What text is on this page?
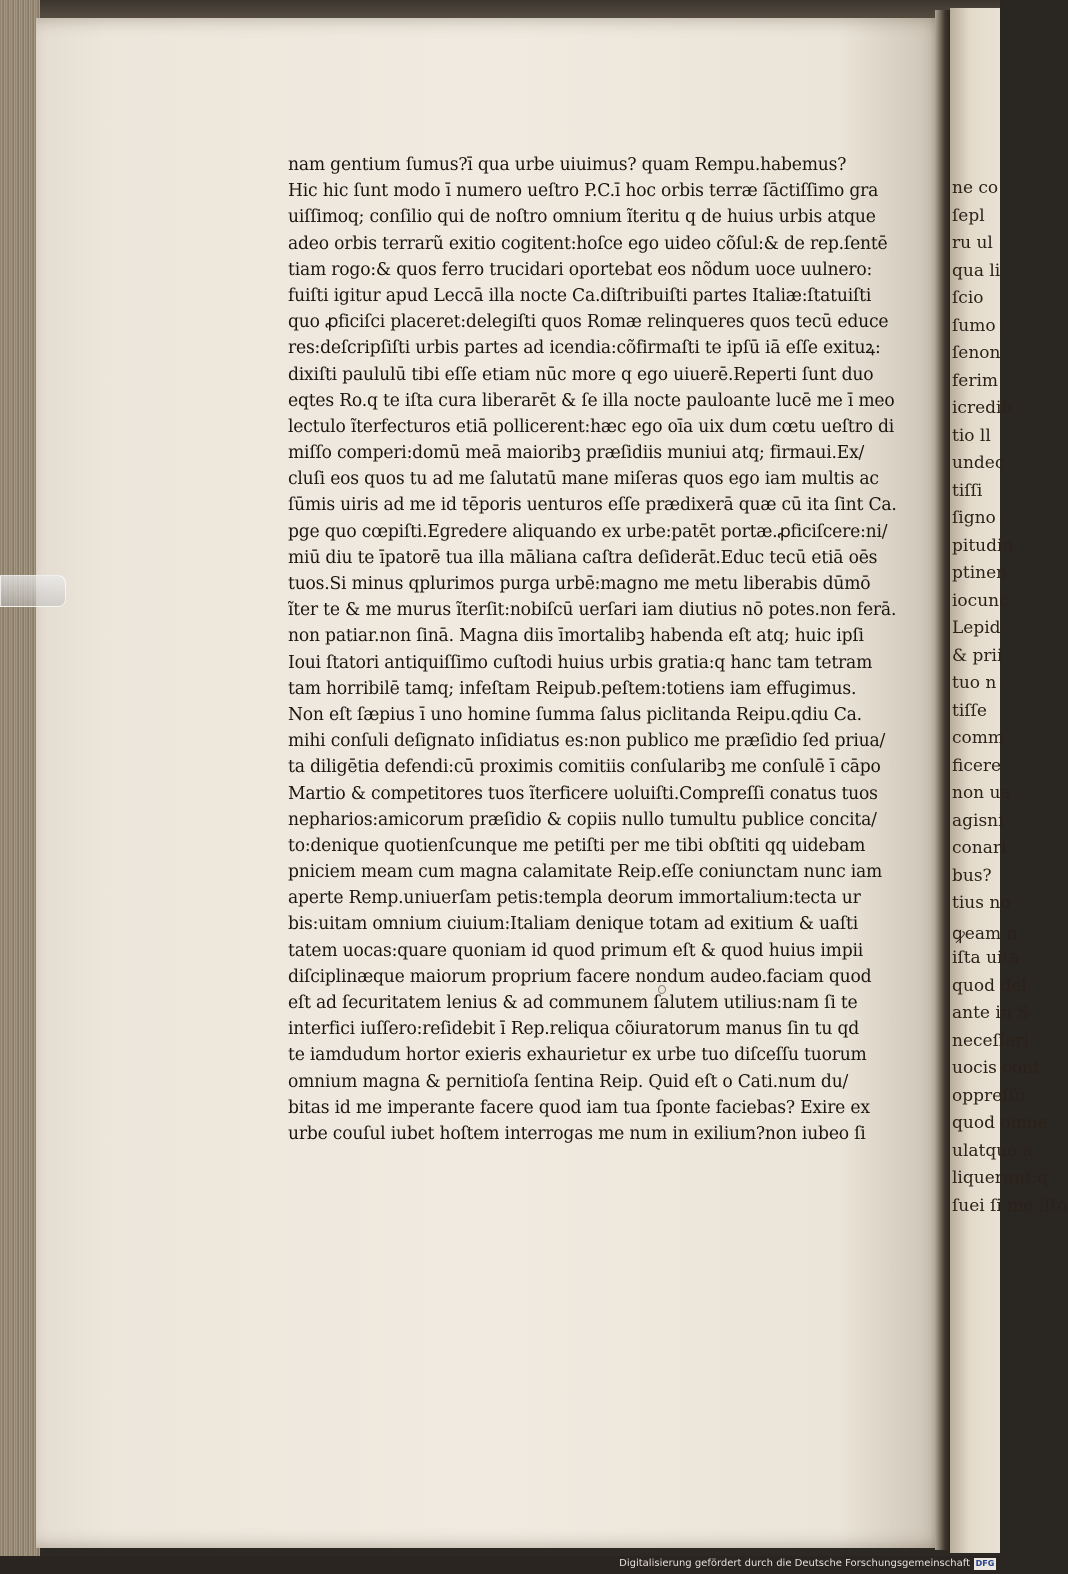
ne co
ſepl
ru ul
qua li
ſcio
ſumo
ſenon
ferim
icredib
tio ll
undec
tiſſi
ſigno
pitudin
ptinen
iocunc
Lepid
& prii
tuo n
tiſſe
comm
ficere
non ua
agisni
conari
bus?
tius no
ꝙeam n
iſta uita
quod del
ante in S
neceſſari
uocis cont
oppreſſu
quod omne
ulatque a
liquerunt:q
ſuei ſi me iſto
nam gentium ſumus?ī qua urbe uiuimus? quam Rempu.habemus?
Hic hic ſunt modo ī numero ueſtro P.C.ī hoc orbis terræ ſāctiſſimo gra
uiſſimoq; conſilio qui de noſtro omnium ĩteritu q de huius urbis atque
adeo orbis terrarũ exitio cogitent:hoſce ego uideo cõſul:& de rep.ſentē
tiam rogo:& quos ferro trucidari oportebat eos nõdum uoce uulnero:
fuiſti igitur apud Leccā illa nocte Ca.diſtribuiſti partes Italiæ:ſtatuiſti
quo ꝓficiſci placeret:delegiſti quos Romæ relinqueres quos tecū educe
res:deſcripſiſti urbis partes ad icendia:cõfirmaſti te ipſū iā eſſe exituꝝ:
dixiſti paululū tibi eſſe etiam nūc more q ego uiuerē.Reperti ſunt duo
eqtes Ro.q te iſta cura liberarēt & ſe illa nocte pauloante lucē me ī meo
lectulo ĩterfecturos etiā pollicerent:hæc ego oīa uix dum cœtu ueſtro di
miſſo comperi:domū meā maioribꝫ præſidiis muniui atq; firmaui.Ex/
cluſi eos quos tu ad me ſalutatū mane miſeras quos ego iam multis ac
ſūmis uiris ad me id tēporis uenturos eſſe prædixerā quæ cū ita ſint Ca.
pge quo cœpiſti.Egredere aliquando ex urbe:patēt portæ.ꝓficiſcere:ni/
miū diu te īpatorē tua illa māliana caſtra deſiderāt.Educ tecū etiā oēs
tuos.Si minus qplurimos purga urbē:magno me metu liberabis dūmō
ĩter te & me murus ĩterſit:nobiſcū uerſari iam diutius nō potes.non ferā.
non patiar.non ſinā. Magna diis īmortalibꝫ habenda eſt atq; huic ipſi
Ioui ſtatori antiquiſſimo cuſtodi huius urbis gratia:q hanc tam tetram
tam horribilē tamq; infeſtam Reipub.peſtem:totiens iam effugimus.
Non eſt ſæpius ī uno homine ſumma ſalus piclitanda Reipu.qdiu Ca.
mihi conſuli deſignato inſidiatus es:non publico me præſidio ſed priua/
ta diligētia defendi:cū proximis comitiis conſularibꝫ me conſulē ī cāpo
Martio & competitores tuos ĩterficere uoluiſti.Compreſſi conatus tuos
nepharios:amicorum præſidio & copiis nullo tumultu publice concita/
to:denique quotienſcunque me petiſti per me tibi obſtiti qq uidebam
pniciem meam cum magna calamitate Reip.eſſe coniunctam nunc iam
aperte Remp.uniuerſam petis:templa deorum immortalium:tecta ur
bis:uitam omnium ciuium:Italiam denique totam ad exitium & uaſti
tatem uocas:quare quoniam id quod primum eſt & quod huius impii
diſciplinæque maiorum proprium facere nondum audeo.faciam quod
eſt ad ſecuritatem lenius & ad communem ſalutem utilius:nam ſi te
interfici iuſſero:reſidebit ī Rep.reliqua cõiuratorum manus ſin tu qd
te iamdudum hortor exieris exhaurietur ex urbe tuo diſceſſu tuorum
omnium magna & pernitioſa ſentina Reip. Quid eſt o Cati.num du/
bitas id me imperante facere quod iam tua ſponte faciebas? Exire ex
urbe couſul iubet hoſtem interrogas me num in exilium?non iubeo ſi
Digitalisierung gefördert durch die Deutsche Forschungsgemeinschaft DFG
